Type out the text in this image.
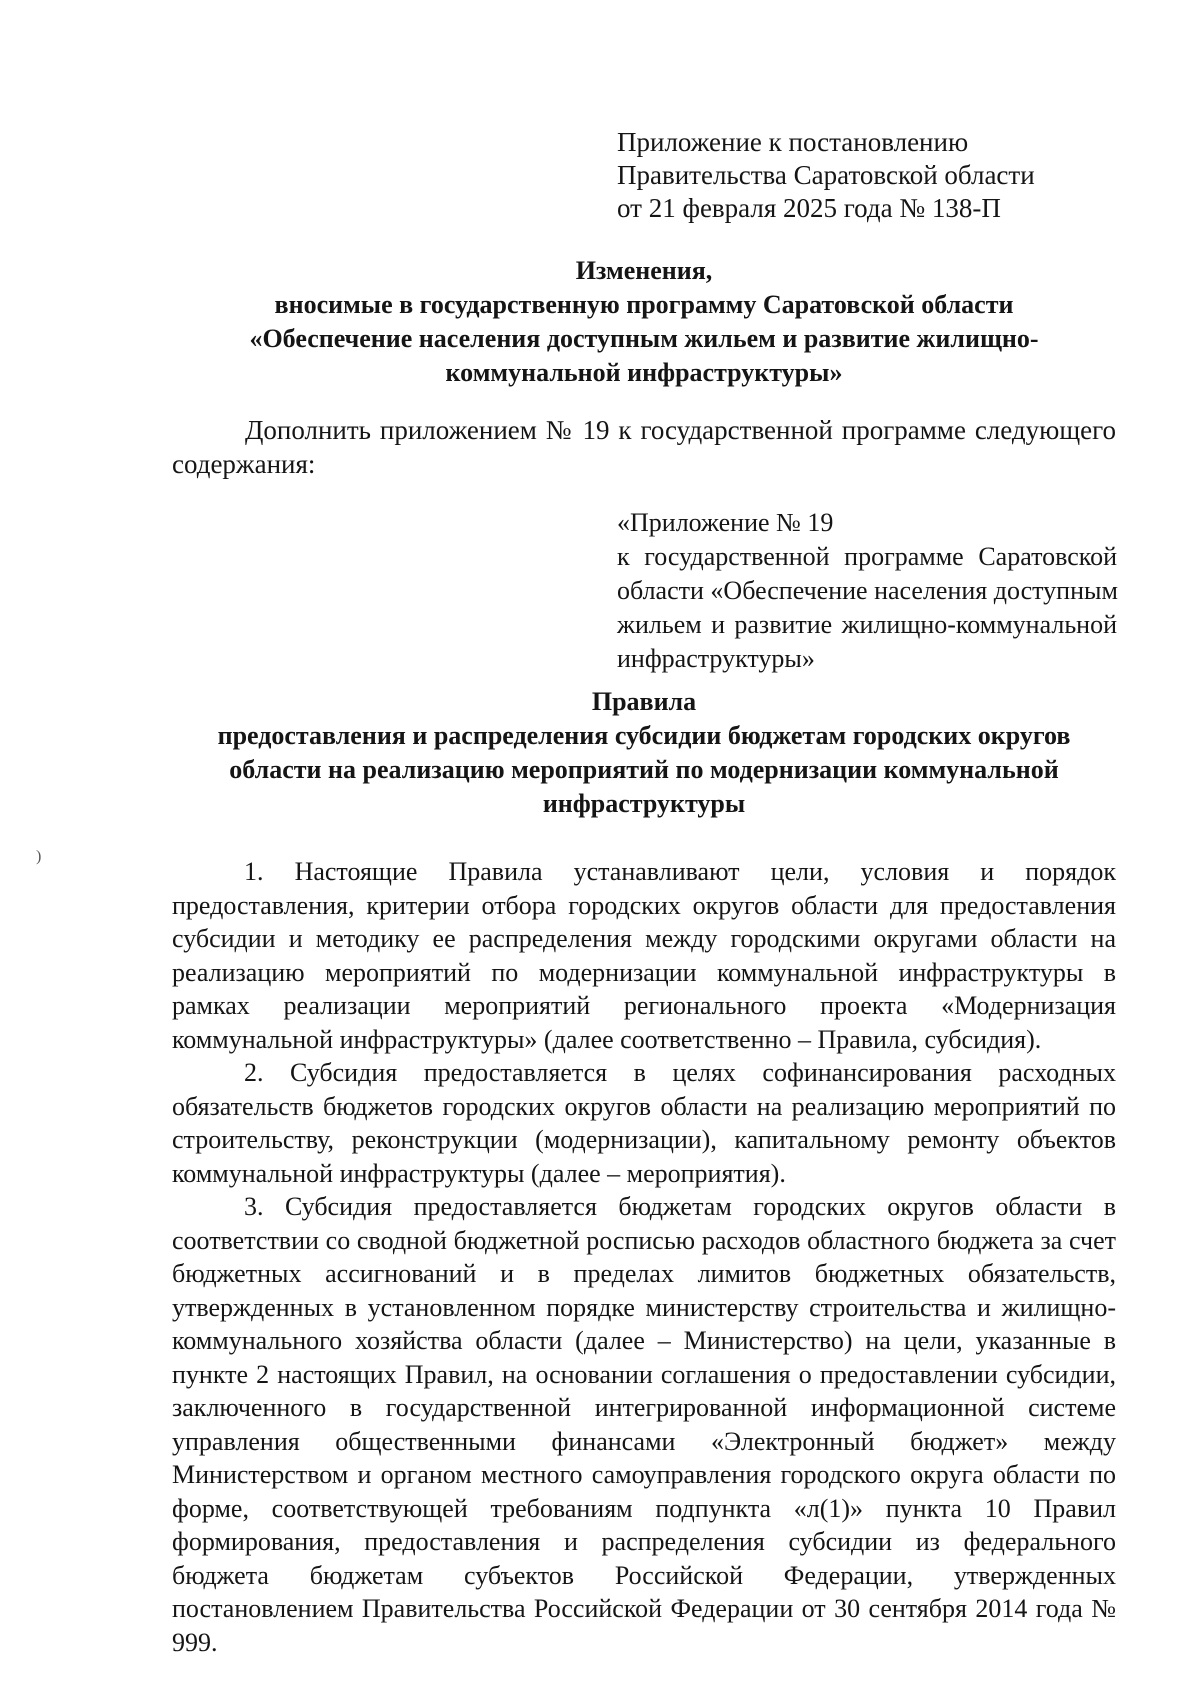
Приложение к постановлению
Правительства Саратовской области
от 21 февраля 2025 года № 138-П
Изменения,
вносимые в государственную программу Саратовской области
«Обеспечение населения доступным жильем и развитие жилищно-
коммунальной инфраструктуры»
Дополнить приложением № 19 к государственной программе следующего содержания:
«Приложение № 19
к государственной программе Саратовской
области «Обеспечение населения доступным
жильем и развитие жилищно-коммунальной
инфраструктуры»
Правила
предоставления и распределения субсидии бюджетам городских округов
области на реализацию мероприятий по модернизации коммунальной
инфраструктуры
)

1. Настоящие Правила устанавливают цели, условия и порядок предоставления, критерии отбора городских округов области для предоставления субсидии и методику ее распределения между городскими округами области на реализацию мероприятий по модернизации коммунальной инфраструктуры в рамках реализации мероприятий регионального проекта «Модернизация коммунальной инфраструктуры» (далее соответственно – Правила, субсидия).

2. Субсидия предоставляется в целях софинансирования расходных обязательств бюджетов городских округов области на реализацию мероприятий по строительству, реконструкции (модернизации), капитальному ремонту объектов коммунальной инфраструктуры (далее – мероприятия).

3. Субсидия предоставляется бюджетам городских округов области в соответствии со сводной бюджетной росписью расходов областного бюджета за счет бюджетных ассигнований и в пределах лимитов бюджетных обязательств, утвержденных в установленном порядке министерству строительства и жилищно-коммунального хозяйства области (далее – Министерство) на цели, указанные в пункте 2 настоящих Правил, на основании соглашения о предоставлении субсидии, заключенного в государственной интегрированной информационной системе управления общественными финансами «Электронный бюджет» между Министерством и органом местного самоуправления городского округа области по форме, соответствующей требованиям подпункта «л(1)» пункта 10 Правил формирования, предоставления и распределения субсидии из федерального бюджета бюджетам субъектов Российской Федерации, утвержденных постановлением Правительства Российской Федерации от 30 сентября 2014 года № 999.
